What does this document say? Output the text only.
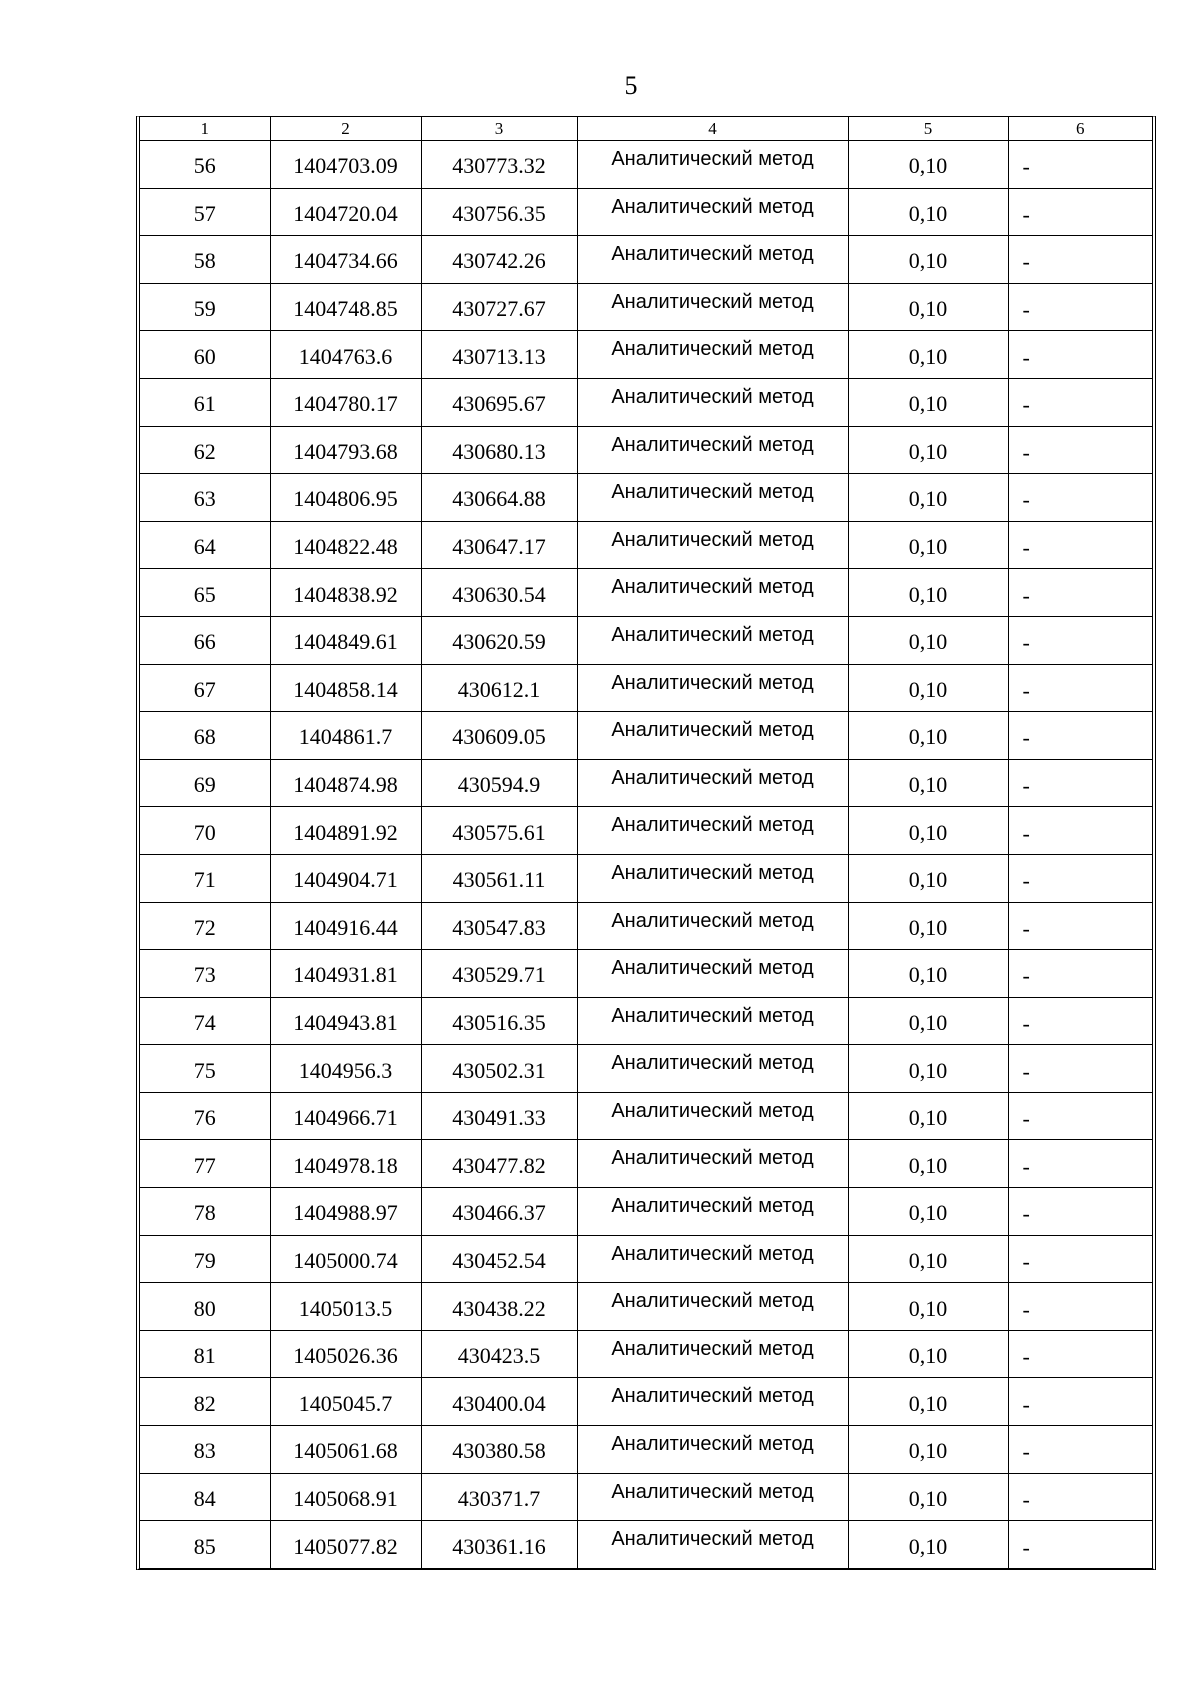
5
1	2	3	4	5	6
56	1404703.09	430773.32	Аналитический метод	0,10	-
57	1404720.04	430756.35	Аналитический метод	0,10	-
58	1404734.66	430742.26	Аналитический метод	0,10	-
59	1404748.85	430727.67	Аналитический метод	0,10	-
60	1404763.6	430713.13	Аналитический метод	0,10	-
61	1404780.17	430695.67	Аналитический метод	0,10	-
62	1404793.68	430680.13	Аналитический метод	0,10	-
63	1404806.95	430664.88	Аналитический метод	0,10	-
64	1404822.48	430647.17	Аналитический метод	0,10	-
65	1404838.92	430630.54	Аналитический метод	0,10	-
66	1404849.61	430620.59	Аналитический метод	0,10	-
67	1404858.14	430612.1	Аналитический метод	0,10	-
68	1404861.7	430609.05	Аналитический метод	0,10	-
69	1404874.98	430594.9	Аналитический метод	0,10	-
70	1404891.92	430575.61	Аналитический метод	0,10	-
71	1404904.71	430561.11	Аналитический метод	0,10	-
72	1404916.44	430547.83	Аналитический метод	0,10	-
73	1404931.81	430529.71	Аналитический метод	0,10	-
74	1404943.81	430516.35	Аналитический метод	0,10	-
75	1404956.3	430502.31	Аналитический метод	0,10	-
76	1404966.71	430491.33	Аналитический метод	0,10	-
77	1404978.18	430477.82	Аналитический метод	0,10	-
78	1404988.97	430466.37	Аналитический метод	0,10	-
79	1405000.74	430452.54	Аналитический метод	0,10	-
80	1405013.5	430438.22	Аналитический метод	0,10	-
81	1405026.36	430423.5	Аналитический метод	0,10	-
82	1405045.7	430400.04	Аналитический метод	0,10	-
83	1405061.68	430380.58	Аналитический метод	0,10	-
84	1405068.91	430371.7	Аналитический метод	0,10	-
85	1405077.82	430361.16	Аналитический метод	0,10	-
